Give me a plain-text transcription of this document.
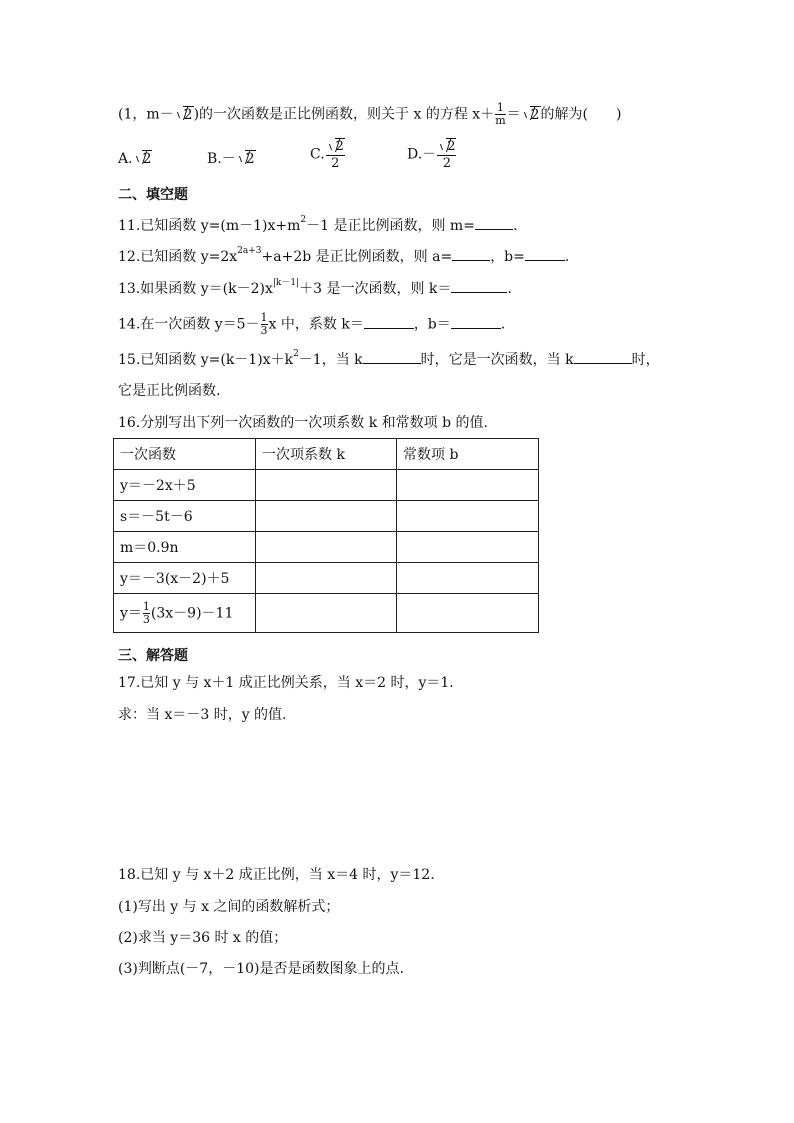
(1，m－ 2)的一次函数是正比例函数，则关于 x 的方程 $x+ \frac{1}{m} = 2$的解为(　　)
A. 2	B.－ 2	C. $\frac{2}{2}$	$D.- \frac{2}{2}$
二、填空题
11.已知函数 $y=(m-1)x+m^2-1$ 是正比例函数，则 m=	.
12.已知函数 $y=2x^{2a+3}+a+2b$ 是正比例函数，则 a=	，b=	.
13.如果函数 $y=(k-2)x^{|k-1|}+3$ 是一次函数，则 k＝	.
14.在一次函数 $y=5- \frac{1}{3}$ x 中，系数 k＝	，b＝	.
15.已知函数 $y=(k-1)x+k^2-1$，当 k	时，它是一次函数，当 k	时，
它是正比例函数.
16.分别写出下列一次函数的一次项系数 k 和常数项 b 的值.
一次函数	一次项系数 k	常数项 b
y＝－2x＋5		
s＝－5t－6		
m＝0.9n		
y＝－3(x－2)＋5		
$y= \frac{1}{3} (3x-9)-11$		
三、解答题
17.已知 y 与 x＋1 成正比例关系，当 x＝2 时，y＝1.
求：当 x＝－3 时，y 的值.
18.已知 y 与 x＋2 成正比例，当 x＝4 时，y＝12.
(1)写出 y 与 x 之间的函数解析式；
(2)求当 y＝36 时 x 的值；
(3)判断点(－7，－10)是否是函数图象上的点.
